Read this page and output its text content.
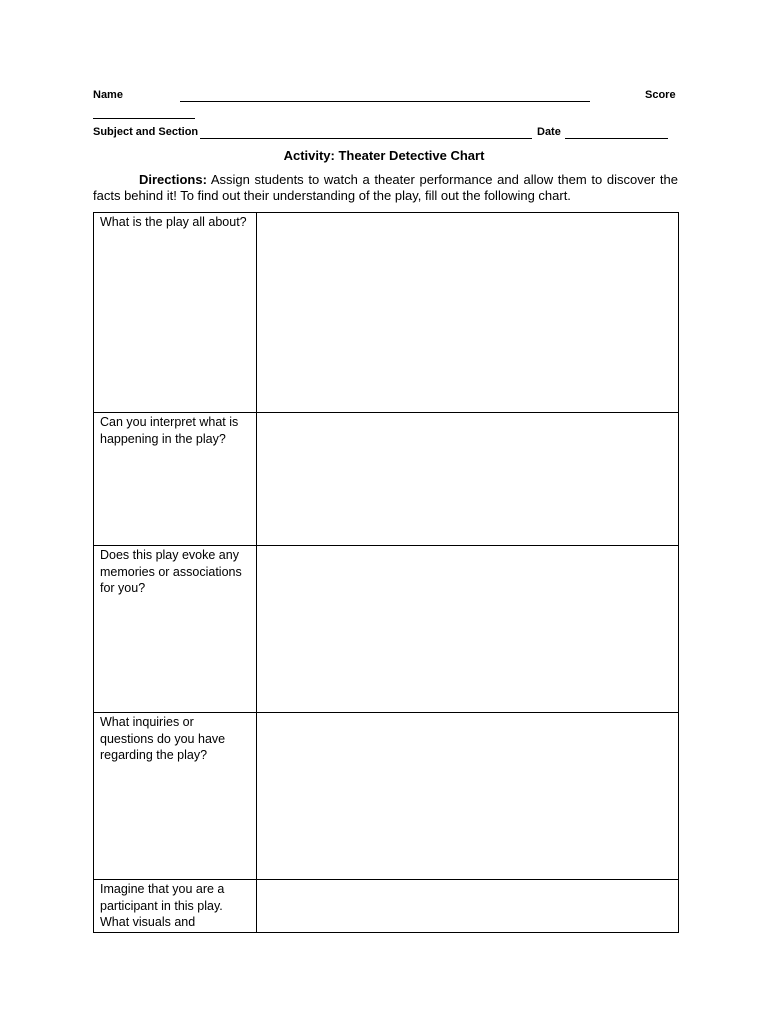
Name	Score
Subject and Section	Date
Activity: Theater Detective Chart
Directions: Assign students to watch a theater performance and allow them to discover the facts behind it! To find out their understanding of the play, fill out the following chart.
What is the play all about?	
Can you interpret what is happening in the play?	
Does this play evoke any memories or associations for you?	
What inquiries or questions do you have regarding the play?	
Imagine that you are a participant in this play. What visuals and	
